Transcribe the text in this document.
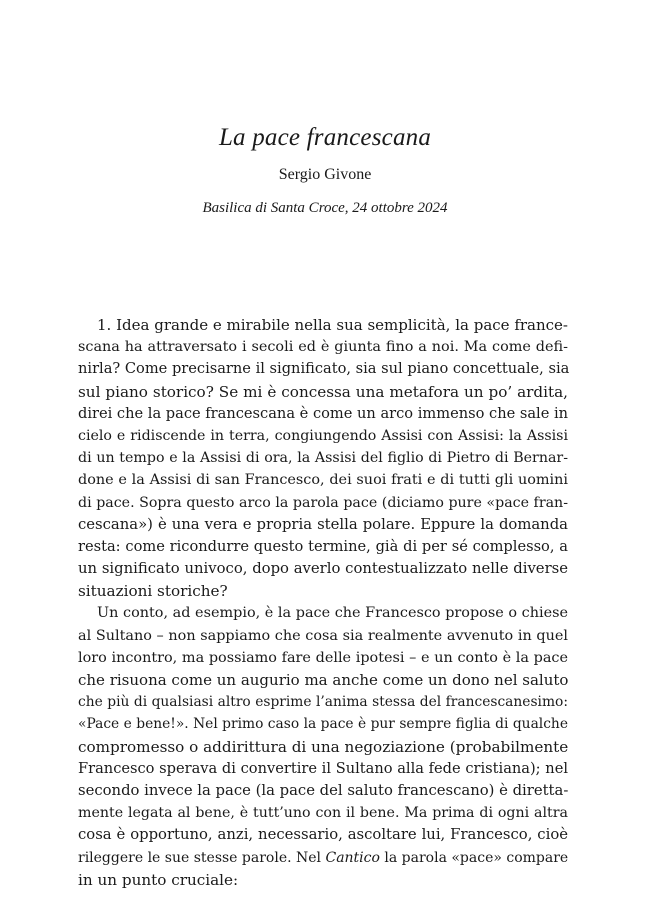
La pace francescana

Sergio Givone

Basilica di Santa Croce, 24 ottobre 2024

1. Idea grande e mirabile nella sua semplicità, la pace france-
scana ha attraversato i secoli ed è giunta fino a noi. Ma come defi-
nirla? Come precisarne il significato, sia sul piano concettuale, sia
sul piano storico? Se mi è concessa una metafora un po’ ardita,
direi che la pace francescana è come un arco immenso che sale in
cielo e ridiscende in terra, congiungendo Assisi con Assisi: la Assisi
di un tempo e la Assisi di ora, la Assisi del figlio di Pietro di Bernar-
done e la Assisi di san Francesco, dei suoi frati e di tutti gli uomini
di pace. Sopra questo arco la parola pace (diciamo pure «pace fran-
cescana») è una vera e propria stella polare. Eppure la domanda
resta: come ricondurre questo termine, già di per sé complesso, a
un significato univoco, dopo averlo contestualizzato nelle diverse
situazioni storiche?
Un conto, ad esempio, è la pace che Francesco propose o chiese
al Sultano – non sappiamo che cosa sia realmente avvenuto in quel
loro incontro, ma possiamo fare delle ipotesi – e un conto è la pace
che risuona come un augurio ma anche come un dono nel saluto
che più di qualsiasi altro esprime l’anima stessa del francescanesimo:
«Pace e bene!». Nel primo caso la pace è pur sempre figlia di qualche
compromesso o addirittura di una negoziazione (probabilmente
Francesco sperava di convertire il Sultano alla fede cristiana); nel
secondo invece la pace (la pace del saluto francescano) è diretta-
mente legata al bene, è tutt’uno con il bene. Ma prima di ogni altra
cosa è opportuno, anzi, necessario, ascoltare lui, Francesco, cioè
rileggere le sue stesse parole. Nel Cantico la parola «pace» compare
in un punto cruciale:
